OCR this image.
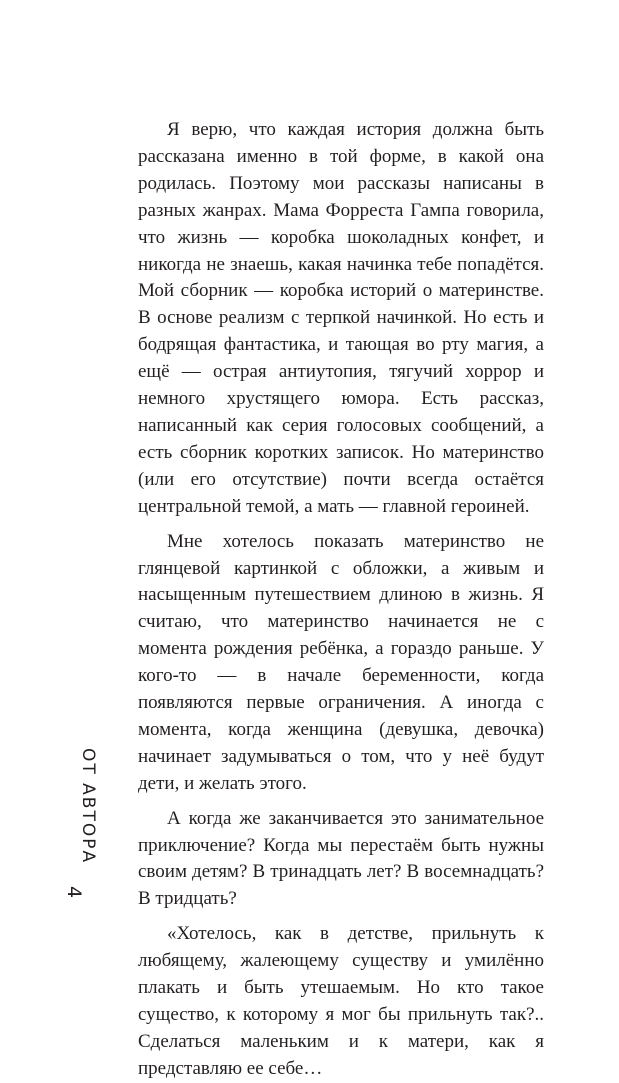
Я верю, что каждая история должна быть рассказана именно в той форме, в какой она родилась. Поэтому мои рассказы написаны в разных жанрах. Мама Форреста Гампа говорила, что жизнь — коробка шоколадных конфет, и никогда не знаешь, какая начинка тебе попадётся. Мой сборник — коробка историй о материнстве. В основе реализм с терпкой начинкой. Но есть и бодрящая фантастика, и тающая во рту магия, а ещё — острая антиутопия, тягучий хоррор и немного хрустящего юмора. Есть рассказ, написанный как серия голосовых сообщений, а есть сборник коротких записок. Но материнство (или его отсутствие) почти всегда остаётся центральной темой, а мать — главной героиней.

Мне хотелось показать материнство не глянцевой картинкой с обложки, а живым и насыщенным путешествием длиною в жизнь. Я считаю, что материнство начинается не с момента рождения ребёнка, а гораздо раньше. У кого-то — в начале беременности, когда появляются первые ограничения. А иногда с момента, когда женщина (девушка, девочка) начинает задумываться о том, что у неё будут дети, и желать этого.

А когда же заканчивается это занимательное приключение? Когда мы перестаём быть нужны своим детям? В тринадцать лет? В восемнадцать? В тридцать?

«Хотелось, как в детстве, прильнуть к любящему, жалеющему существу и умилённо плакать и быть утешаемым. Но кто такое существо, к которому я мог бы прильнуть так?.. Сделаться маленьким и к матери, как я представляю ее себе…

ОТ АВТОРА
4
